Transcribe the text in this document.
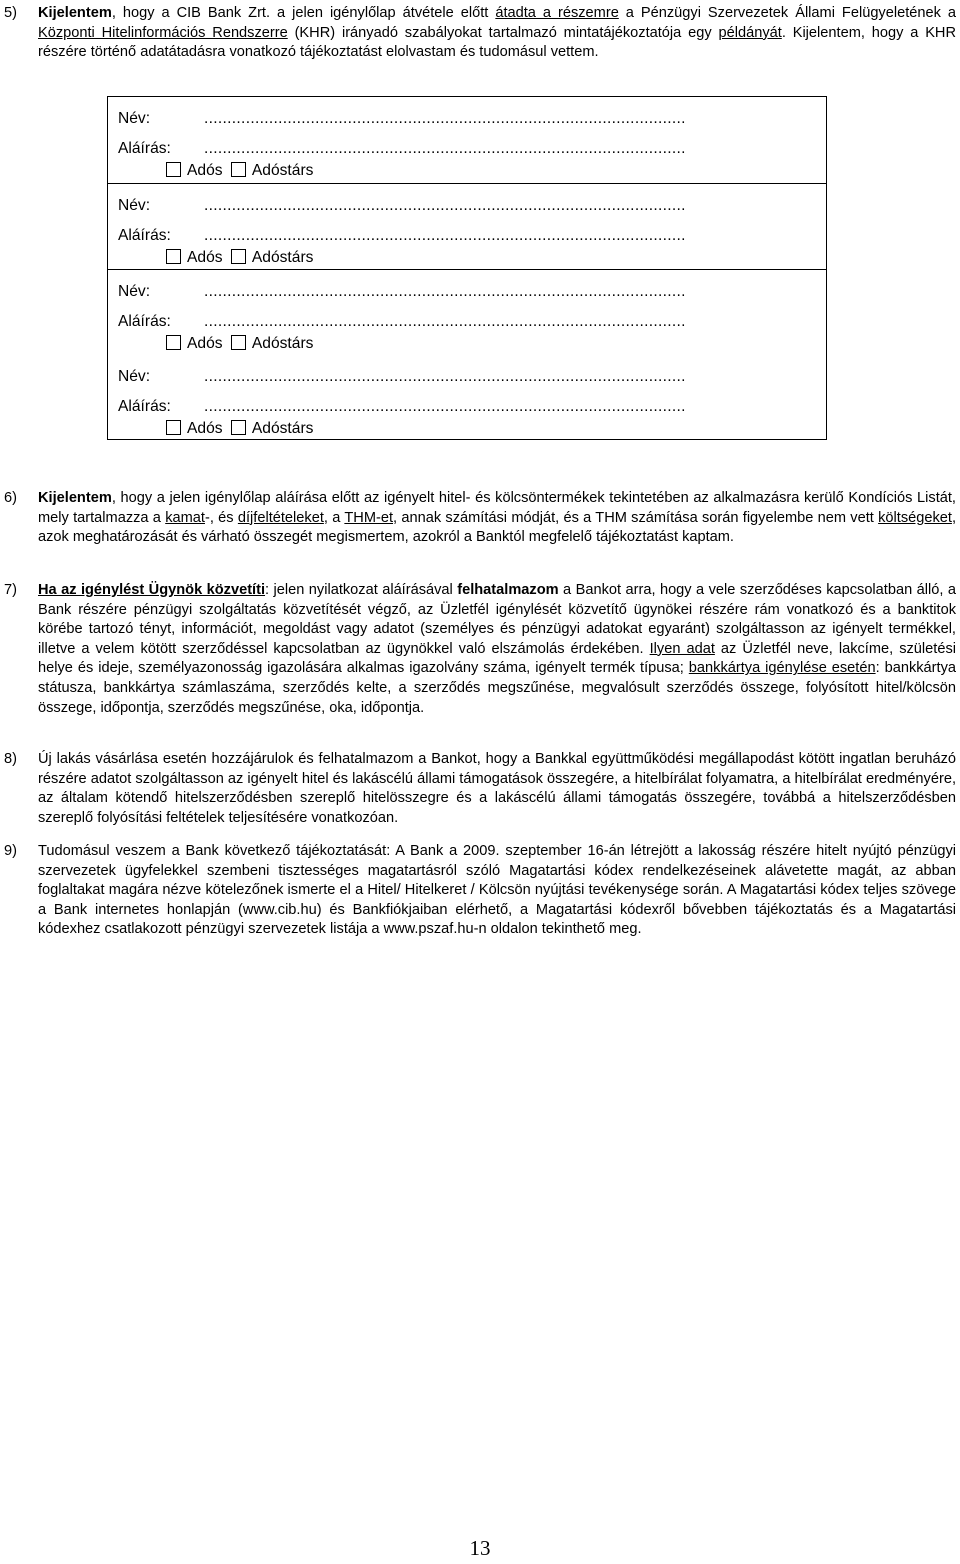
5) Kijelentem, hogy a CIB Bank Zrt. a jelen igénylőlap átvétele előtt átadta a részemre a Pénzügyi Szervezetek Állami Felügyeletének a Központi Hitelinformációs Rendszerre (KHR) irányadó szabályokat tartalmazó mintatájékoztatója egy példányát. Kijelentem, hogy a KHR részére történő adatátadásra vonatkozó tájékoztatást elolvastam és tudomásul vettem.
Név:	........................................................................................................
Aláírás: ........................................................................................................
Adós Adóstárs
Név:	........................................................................................................
Aláírás: ........................................................................................................
Adós Adóstárs
Név:	........................................................................................................
Aláírás: ........................................................................................................
Adós Adóstárs
Név:	........................................................................................................
Aláírás: ........................................................................................................
Adós Adóstárs
6) Kijelentem, hogy a jelen igénylőlap aláírása előtt az igényelt hitel- és kölcsöntermékek tekintetében az alkalmazásra kerülő Kondíciós Listát, mely tartalmazza a kamat-, és díjfeltételeket, a THM-et, annak számítási módját, és a THM számítása során figyelembe nem vett költségeket, azok meghatározását és várható összegét megismertem, azokról a Banktól megfelelő tájékoztatást kaptam.
7) Ha az igénylést Ügynök közvetíti: jelen nyilatkozat aláírásával felhatalmazom a Bankot arra, hogy a vele szerződéses kapcsolatban álló, a Bank részére pénzügyi szolgáltatás közvetítését végző, az Üzletfél igénylését közvetítő ügynökei részére rám vonatkozó és a banktitok körébe tartozó tényt, információt, megoldást vagy adatot (személyes és pénzügyi adatokat egyaránt) szolgáltasson az igényelt termékkel, illetve a velem kötött szerződéssel kapcsolatban az ügynökkel való elszámolás érdekében. Ilyen adat az Üzletfél neve, lakcíme, születési helye és ideje, személyazonosság igazolására alkalmas igazolvány száma, igényelt termék típusa; bankkártya igénylése esetén: bankkártya státusza, bankkártya számlaszáma, szerződés kelte, a szerződés megszűnése, megvalósult szerződés összege, folyósított hitel/kölcsön összege, időpontja, szerződés megszűnése, oka, időpontja.
8) Új lakás vásárlása esetén hozzájárulok és felhatalmazom a Bankot, hogy a Bankkal együttműködési megállapodást kötött ingatlan beruházó részére adatot szolgáltasson az igényelt hitel és lakáscélú állami támogatások összegére, a hitelbírálat folyamatra, a hitelbírálat eredményére, az általam kötendő hitelszerződésben szereplő hitelösszegre és a lakáscélú állami támogatás összegére, továbbá a hitelszerződésben szereplő folyósítási feltételek teljesítésére vonatkozóan.
9) Tudomásul veszem a Bank következő tájékoztatását: A Bank a 2009. szeptember 16-án létrejött a lakosság részére hitelt nyújtó pénzügyi szervezetek ügyfelekkel szembeni tisztességes magatartásról szóló Magatartási kódex rendelkezéseinek alávetette magát, az abban foglaltakat magára nézve kötelezőnek ismerte el a Hitel/ Hitelkeret / Kölcsön nyújtási tevékenysége során. A Magatartási kódex teljes szövege a Bank internetes honlapján (www.cib.hu) és Bankfiókjaiban elérhető, a Magatartási kódexről bővebben tájékoztatás és a Magatartási kódexhez csatlakozott pénzügyi szervezetek listája a www.pszaf.hu-n oldalon tekinthető meg.
13
